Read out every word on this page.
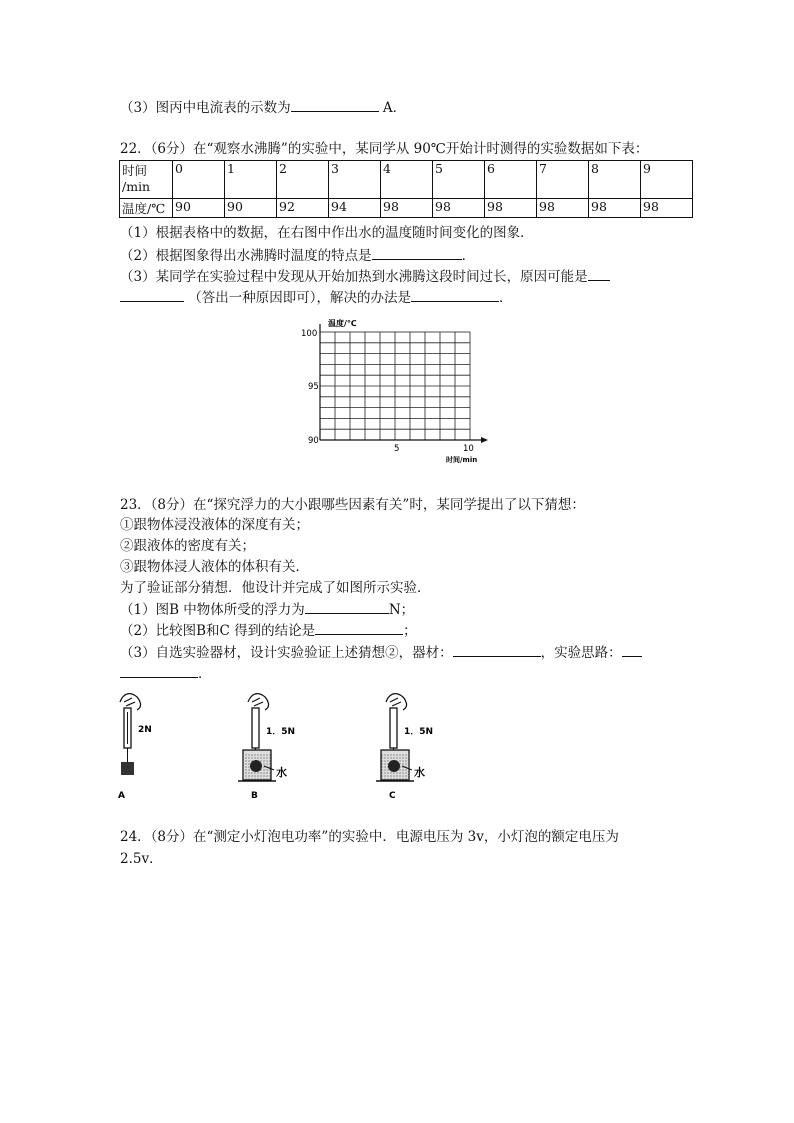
（3）图丙中电流表的示数为	A．
22．（6分）在“观察水沸腾”的实验中，某同学从 90℃开始计时测得的实验数据如下表：
时间
/min	0	1	2	3	4	5	6	7	8	9
温度/℃	90	90	92	94	98	98	98	98	98	98
（1）根据表格中的数据，在右图中作出水的温度随时间变化的图象．
（2）根据图象得出水沸腾时温度的特点是	．
（3）某同学在实验过程中发现从开始加热到水沸腾这段时间过长，原因可能是
（答出一种原因即可），解决的办法是	．
温度/℃
100
95
90
5	10
时间/min
23．（8分）在“探究浮力的大小跟哪些因素有关”时，某同学提出了以下猜想：
①跟物体浸没液体的深度有关；
②跟液体的密度有关；
③跟物体浸人液体的体积有关．
为了验证部分猜想．他设计并完成了如图所示实验．
（1）图B 中物体所受的浮力为	N；
（2）比较图B和C 得到的结论是	；
（3）自选实验器材，设计实验验证上述猜想②，器材：	，实验思路：
．
2N
A
1．5N
水
B
1．5N
水
C
24．（8分）在“测定小灯泡电功率”的实验中．电源电压为 3v，小灯泡的额定电压为
2.5v．
